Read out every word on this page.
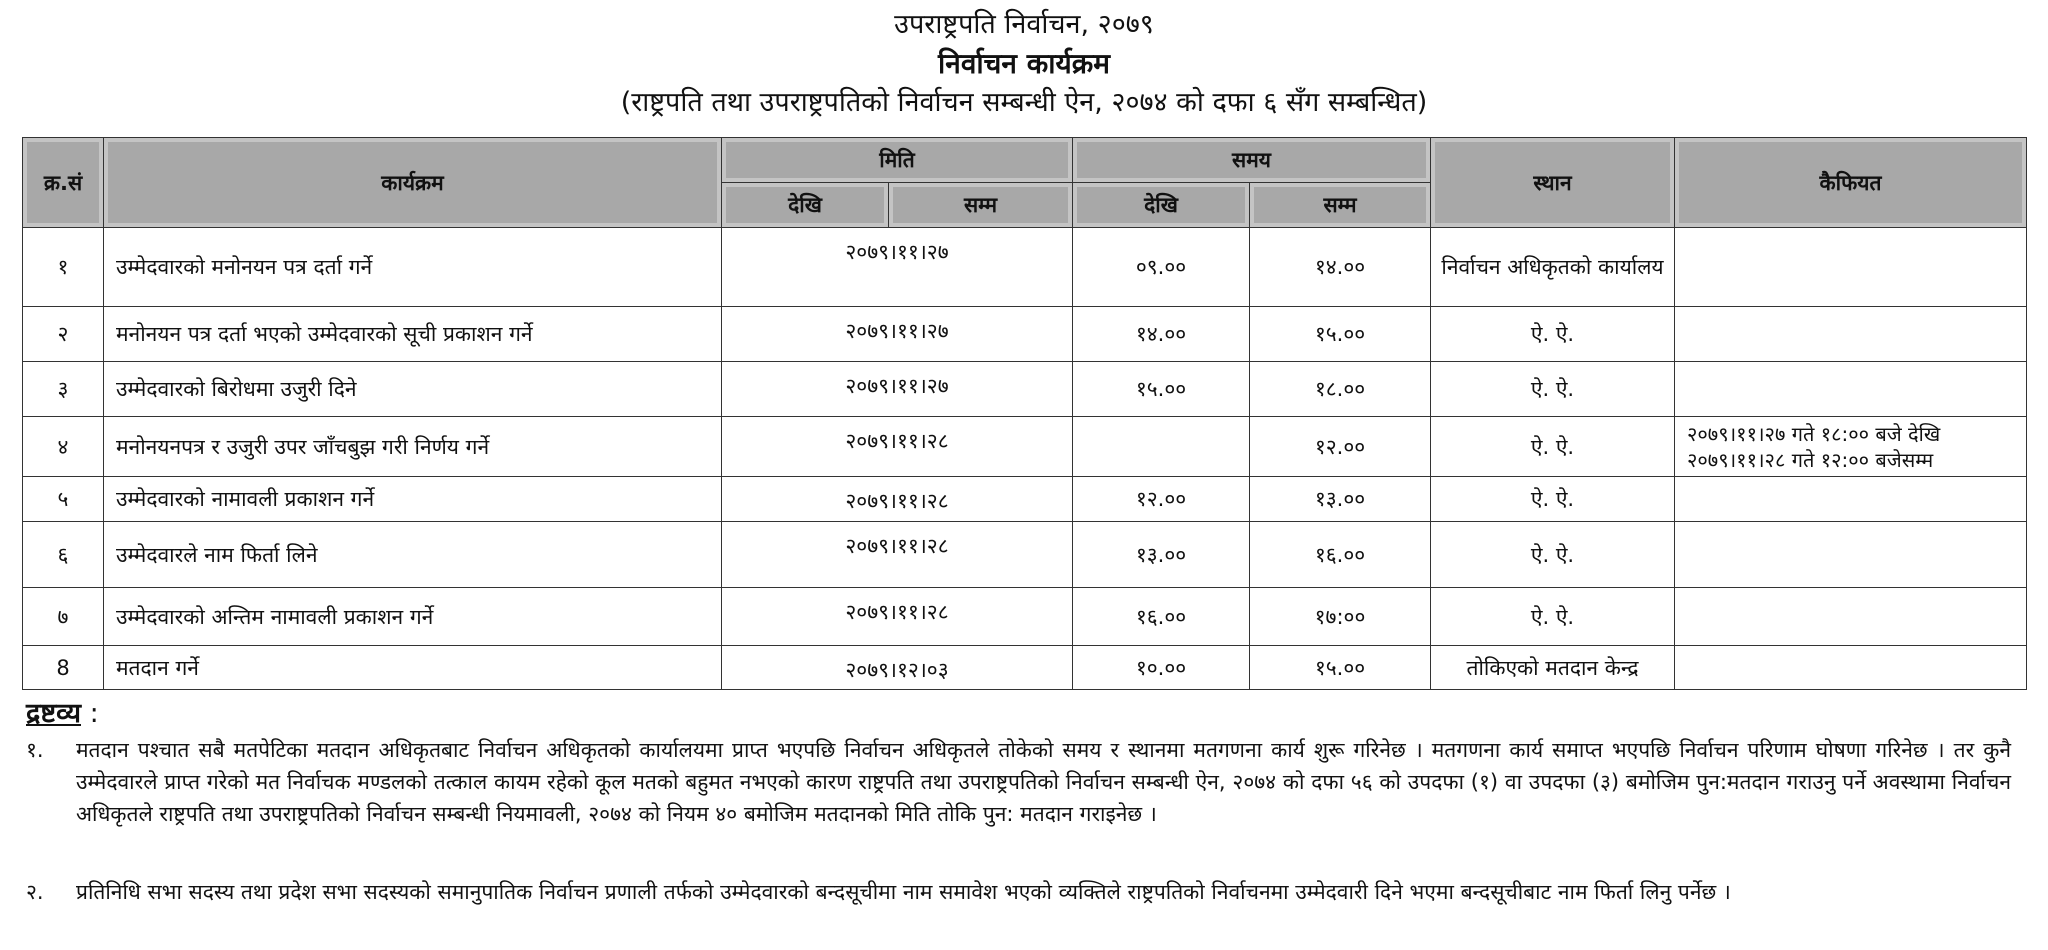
उपराष्ट्रपति निर्वाचन, २०७९
निर्वाचन कार्यक्रम
(राष्ट्रपति तथा उपराष्ट्रपतिको निर्वाचन सम्बन्धी ऐन, २०७४ को दफा ६ सँग सम्बन्धित)
क्र.सं	कार्यक्रम	मिति		समय		स्थान	कैफियत
		देखि	सम्म	देखि	सम्म		
१	उम्मेदवारको मनोनयन पत्र दर्ता गर्ने	२०७९।११।२७		०९.००	१४.००	निर्वाचन अधिकृतको कार्यालय	

२	मनोनयन पत्र दर्ता भएको उम्मेदवारको सूची प्रकाशन गर्ने	२०७९।११।२७		१४.००	१५.००	ऐ. ऐ.	

३	उम्मेदवारको बिरोधमा उजुरी दिने	२०७९।११।२७		१५.००	१८.००	ऐ. ऐ.	

४	मनोनयनपत्र र उजुरी उपर जाँचबुझ गरी निर्णय गर्ने	२०७९।११।२८			१२.००	ऐ. ऐ.	२०७९।११।२७ गते १८:०० बजे देखि
२०७९।११।२८ गते १२:०० बजेसम्म

५	उम्मेदवारको नामावली प्रकाशन गर्ने	२०७९।११।२८		१२.००	१३.००	ऐ. ऐ.	

६	उम्मेदवारले नाम फिर्ता लिने	२०७९।११।२८		१३.००	१६.००	ऐ. ऐ.	

७	उम्मेदवारको अन्तिम नामावली प्रकाशन गर्ने	२०७९।११।२८		१६.००	१७:००	ऐ. ऐ.	

8	मतदान गर्ने	२०७९।१२।०३		१०.००	१५.००	तोकिएको मतदान केन्द्र	
द्रष्टव्य :
१. मतदान पश्चात सबै मतपेटिका मतदान अधिकृतबाट निर्वाचन अधिकृतको कार्यालयमा प्राप्त भएपछि निर्वाचन अधिकृतले तोकेको समय र स्थानमा मतगणना कार्य शुरू गरिनेछ । मतगणना कार्य समाप्त भएपछि निर्वाचन परिणाम घोषणा गरिनेछ । तर कुनै उम्मेदवारले प्राप्त गरेको मत निर्वाचक मण्डलको तत्काल कायम रहेको कूल मतको बहुमत नभएको कारण राष्ट्रपति तथा उपराष्ट्रपतिको निर्वाचन सम्बन्धी ऐन, २०७४ को दफा ५६ को उपदफा (१) वा उपदफा (३) बमोजिम पुन:मतदान गराउनु पर्ने अवस्थामा निर्वाचन अधिकृतले राष्ट्रपति तथा उपराष्ट्रपतिको निर्वाचन सम्बन्धी नियमावली, २०७४ को नियम ४० बमोजिम मतदानको मिति तोकि पुन: मतदान गराइनेछ ।
२. प्रतिनिधि सभा सदस्य तथा प्रदेश सभा सदस्यको समानुपातिक निर्वाचन प्रणाली तर्फको उम्मेदवारको बन्दसूचीमा नाम समावेश भएको व्यक्तिले राष्ट्रपतिको निर्वाचनमा उम्मेदवारी दिने भएमा बन्दसूचीबाट नाम फिर्ता लिनु पर्नेछ ।
